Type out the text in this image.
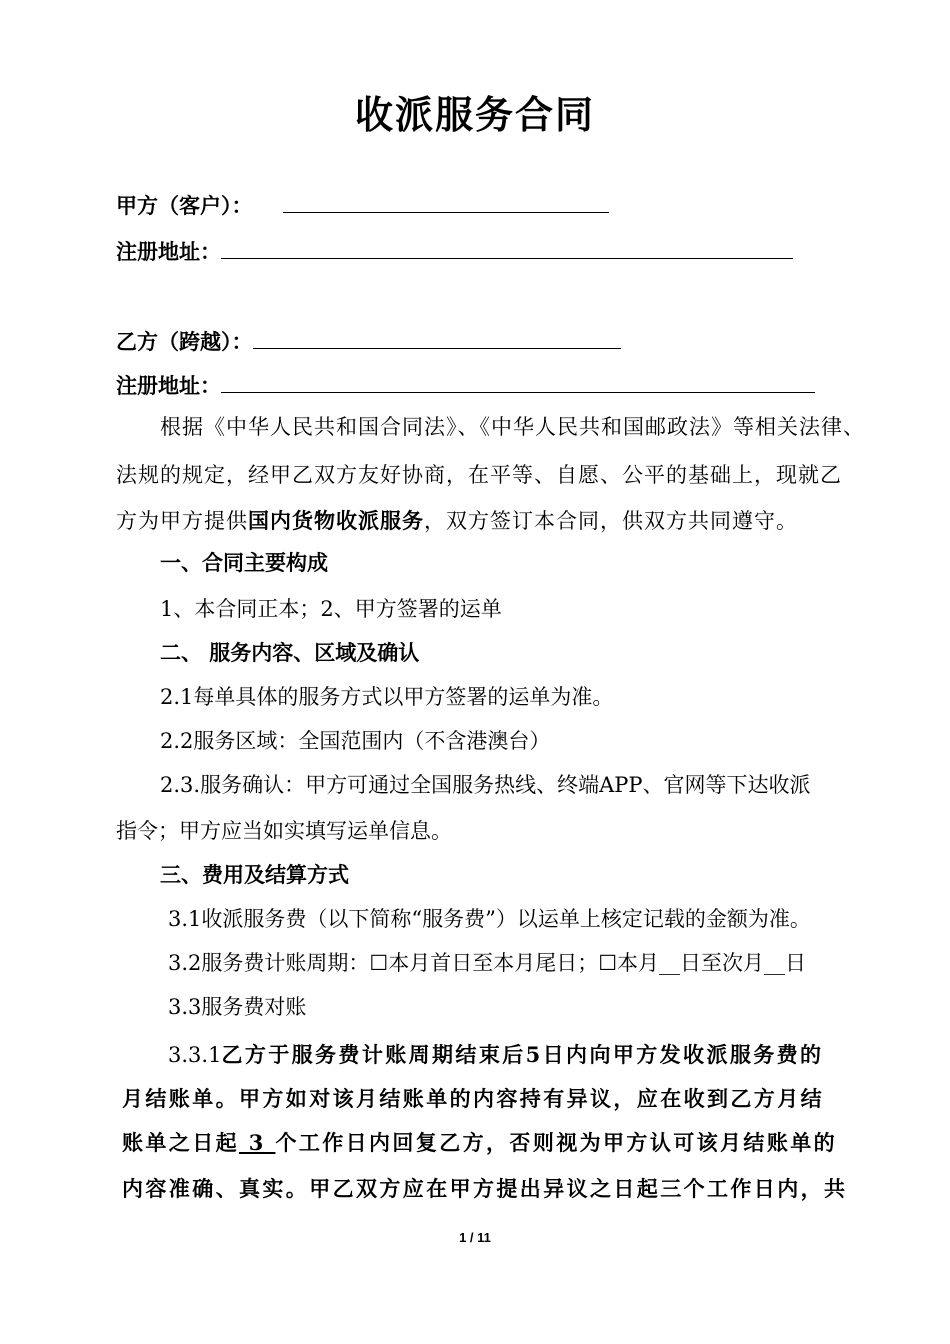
收派服务合同
甲方（客户）：
注册地址：
乙方（跨越）：
注册地址：
根据《中华人民共和国合同法》、《中华人民共和国邮政法》等相关法律、
法规的规定，经甲乙双方友好协商，在平等、自愿、公平的基础上，现就乙
方为甲方提供国内货物收派服务，双方签订本合同，供双方共同遵守。
一、合同主要构成
1、本合同正本；2、甲方签署的运单
二、 服务内容、区域及确认
2.1每单具体的服务方式以甲方签署的运单为准。
2.2服务区域：全国范围内（不含港澳台）
2.3.服务确认：甲方可通过全国服务热线、终端APP、官网等下达收派
指令；甲方应当如实填写运单信息。
三、费用及结算方式
3.1收派服务费（以下简称“服务费”）以运单上核定记载的金额为准。
3.2服务费计账周期：☐本月首日至本月尾日；☐本月__日至次月__日
3.3服务费对账
3.3.1乙方于服务费计账周期结束后5日内向甲方发收派服务费的
月结账单。甲方如对该月结账单的内容持有异议，应在收到乙方月结
账单之日起 3 个工作日内回复乙方，否则视为甲方认可该月结账单的
内容准确、真实。甲乙双方应在甲方提出异议之日起三个工作日内，共
1 / 11
